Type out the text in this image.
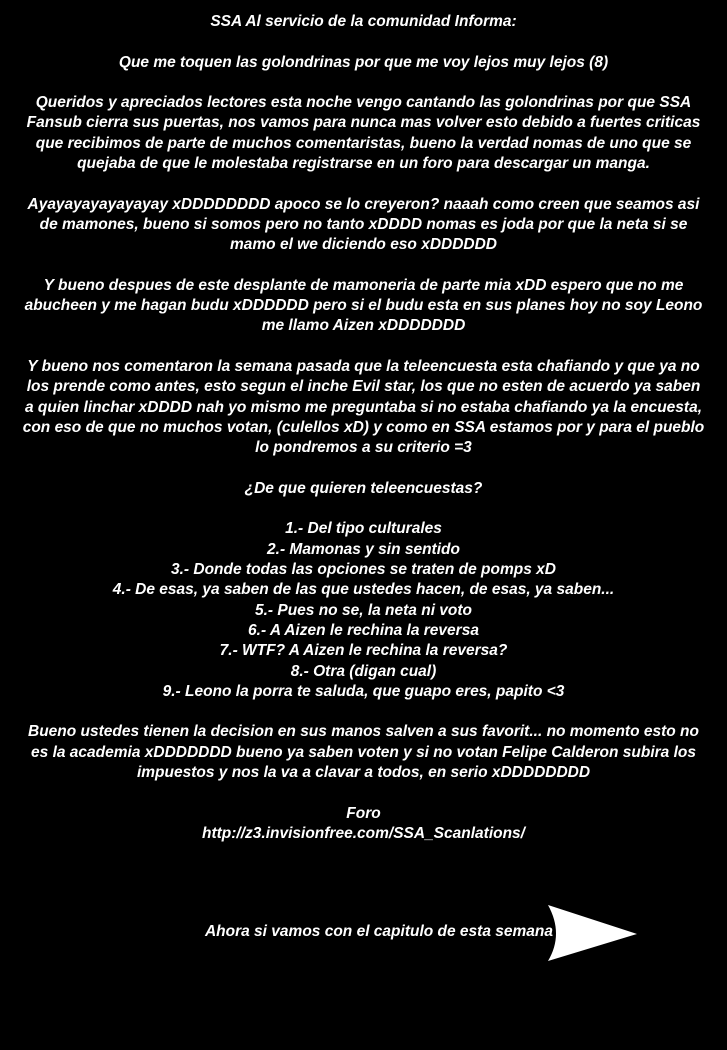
SSA Al servicio de la comunidad Informa:
Que me toquen las golondrinas por que me voy lejos muy lejos (8)
Queridos y apreciados lectores esta noche vengo cantando las golondrinas por que SSA Fansub cierra sus puertas, nos vamos para nunca mas volver esto debido a fuertes criticas que recibimos de parte de muchos comentaristas, bueno la verdad nomas de uno que se quejaba de que le molestaba registrarse en un foro para descargar un manga.
Ayayayayayayayay xDDDDDDDD apoco se lo creyeron? naaah como creen que seamos asi de mamones, bueno si somos pero no tanto xDDDD nomas es joda por que la neta si se mamo el we diciendo eso xDDDDDD
Y bueno despues de este desplante de mamoneria de parte mia xDD espero que no me abucheen y me hagan budu xDDDDDD pero si el budu esta en sus planes hoy no soy Leono me llamo Aizen xDDDDDDD
Y bueno nos comentaron la semana pasada que la teleencuesta esta chafiando y que ya no los prende como antes, esto segun el inche Evil star, los que no esten de acuerdo ya saben a quien linchar xDDDD nah yo mismo me preguntaba si no estaba chafiando ya la encuesta, con eso de que no muchos votan, (culellos xD) y como en SSA estamos por y para el pueblo lo pondremos a su criterio =3
¿De que quieren teleencuestas?
1.- Del tipo culturales
2.- Mamonas y sin sentido
3.- Donde todas las opciones se traten de pomps xD
4.- De esas, ya saben de las que ustedes hacen, de esas, ya saben...
5.- Pues no se, la neta ni voto
6.- A Aizen le rechina la reversa
7.- WTF? A Aizen le rechina la reversa?
8.- Otra (digan cual)
9.- Leono la porra te saluda, que guapo eres, papito <3
Bueno ustedes tienen la decision en sus manos salven a sus favorit... no momento esto no es la academia xDDDDDDD bueno ya saben voten y si no votan Felipe Calderon subira los impuestos y nos la va a clavar a todos, en serio xDDDDDDDD
Foro
http://z3.invisionfree.com/SSA_Scanlations/
Ahora si vamos con el capitulo de esta semana
